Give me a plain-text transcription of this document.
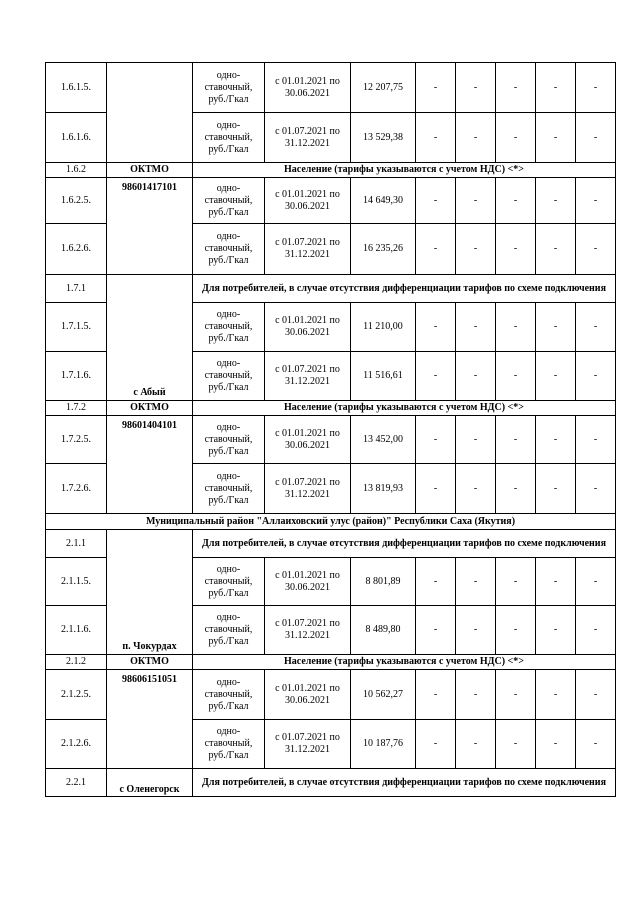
1.6.1.5.		одно-ставочный, руб./Гкал	с 01.01.2021 по 30.06.2021	12 207,75	-	-	-	-	-
1.6.1.6.		одно-ставочный, руб./Гкал	с 01.07.2021 по 31.12.2021	13 529,38	-	-	-	-	-
1.6.2	ОКТМО	Население (тарифы указываются с учетом НДС) <*>							
1.6.2.5.	98601417101	одно-ставочный, руб./Гкал	с 01.01.2021 по 30.06.2021	14 649,30	-	-	-	-	-
1.6.2.6.		одно-ставочный, руб./Гкал	с 01.07.2021 по 31.12.2021	16 235,26	-	-	-	-	-
1.7.1	с Абый	Для потребителей, в случае отсутствия дифференциации тарифов по схеме подключения							
1.7.1.5.		одно-ставочный, руб./Гкал	с 01.01.2021 по 30.06.2021	11 210,00	-	-	-	-	-
1.7.1.6.		одно-ставочный, руб./Гкал	с 01.07.2021 по 31.12.2021	11 516,61	-	-	-	-	-
1.7.2	ОКТМО	Население (тарифы указываются с учетом НДС) <*>							
1.7.2.5.	98601404101	одно-ставочный, руб./Гкал	с 01.01.2021 по 30.06.2021	13 452,00	-	-	-	-	-
1.7.2.6.		одно-ставочный, руб./Гкал	с 01.07.2021 по 31.12.2021	13 819,93	-	-	-	-	-
Муниципальный район "Аллаиховский улус (район)" Республики Саха (Якутия)									
2.1.1	п. Чокурдах	Для потребителей, в случае отсутствия дифференциации тарифов по схеме подключения							
2.1.1.5.		одно-ставочный, руб./Гкал	с 01.01.2021 по 30.06.2021	8 801,89	-	-	-	-	-
2.1.1.6.		одно-ставочный, руб./Гкал	с 01.07.2021 по 31.12.2021	8 489,80	-	-	-	-	-
2.1.2	ОКТМО	Население (тарифы указываются с учетом НДС) <*>							
2.1.2.5.	98606151051	одно-ставочный, руб./Гкал	с 01.01.2021 по 30.06.2021	10 562,27	-	-	-	-	-
2.1.2.6.		одно-ставочный, руб./Гкал	с 01.07.2021 по 31.12.2021	10 187,76	-	-	-	-	-
2.2.1	с Оленегорск	Для потребителей, в случае отсутствия дифференциации тарифов по схеме подключения							
